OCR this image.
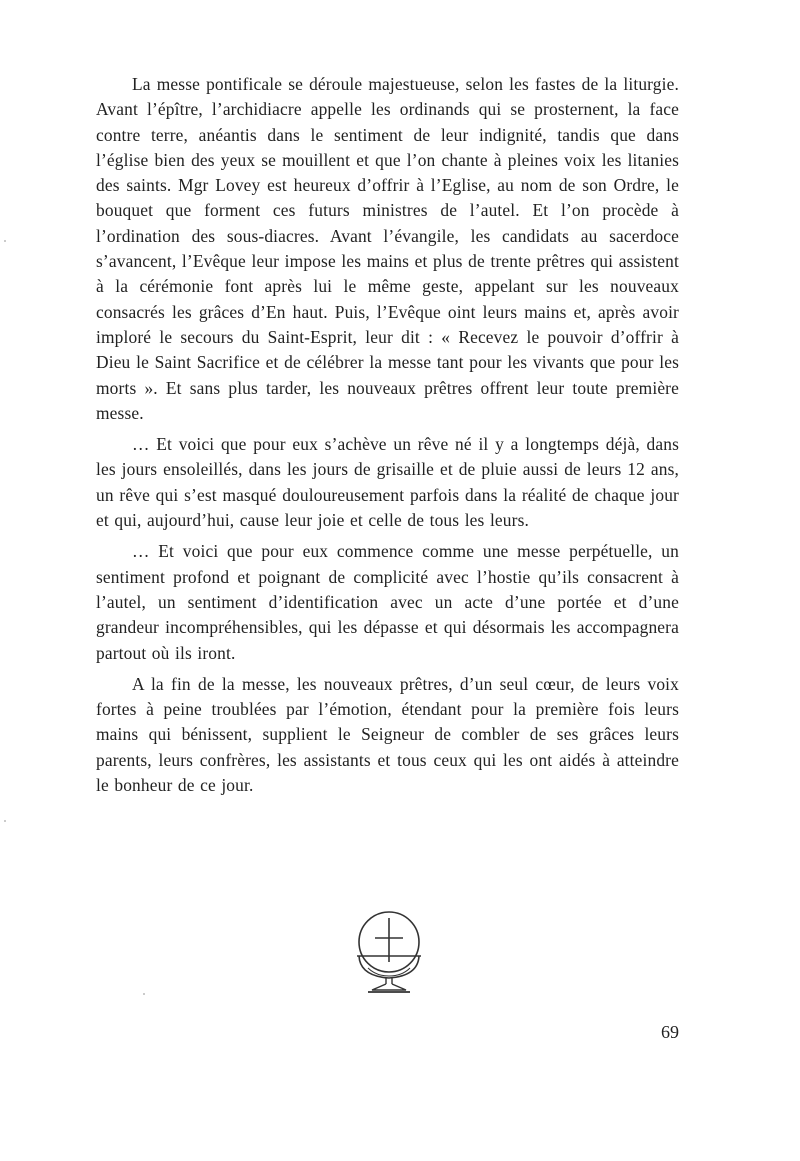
La messe pontificale se déroule majestueuse, selon les fastes de la liturgie. Avant l’épître, l’archidiacre appelle les ordinands qui se prosternent, la face contre terre, anéantis dans le sentiment de leur indignité, tandis que dans l’église bien des yeux se mouillent et que l’on chante à pleines voix les litanies des saints. Mgr Lovey est heureux d’offrir à l’Eglise, au nom de son Ordre, le bouquet que forment ces futurs ministres de l’autel. Et l’on procède à l’ordination des sous-diacres. Avant l’évangile, les candidats au sacerdoce s’avancent, l’Evêque leur impose les mains et plus de trente prêtres qui assistent à la cérémonie font après lui le même geste, appelant sur les nouveaux consacrés les grâces d’En haut. Puis, l’Evêque oint leurs mains et, après avoir imploré le secours du Saint-Esprit, leur dit : « Recevez le pouvoir d’offrir à Dieu le Saint Sacrifice et de célébrer la messe tant pour les vivants que pour les morts ». Et sans plus tarder, les nouveaux prêtres offrent leur toute première messe.

… Et voici que pour eux s’achève un rêve né il y a longtemps déjà, dans les jours ensoleillés, dans les jours de grisaille et de pluie aussi de leurs 12 ans, un rêve qui s’est masqué douloureusement parfois dans la réalité de chaque jour et qui, aujourd’hui, cause leur joie et celle de tous les leurs.

… Et voici que pour eux commence comme une messe perpétuelle, un sentiment profond et poignant de complicité avec l’hostie qu’ils consacrent à l’autel, un sentiment d’identification avec un acte d’une portée et d’une grandeur incompréhensibles, qui les dépasse et qui désormais les accompagnera partout où ils iront.

A la fin de la messe, les nouveaux prêtres, d’un seul cœur, de leurs voix fortes à peine troublées par l’émotion, étendant pour la première fois leurs mains qui bénissent, supplient le Seigneur de combler de ses grâces leurs parents, leurs confrères, les assistants et tous ceux qui les ont aidés à atteindre le bonheur de ce jour.

69
